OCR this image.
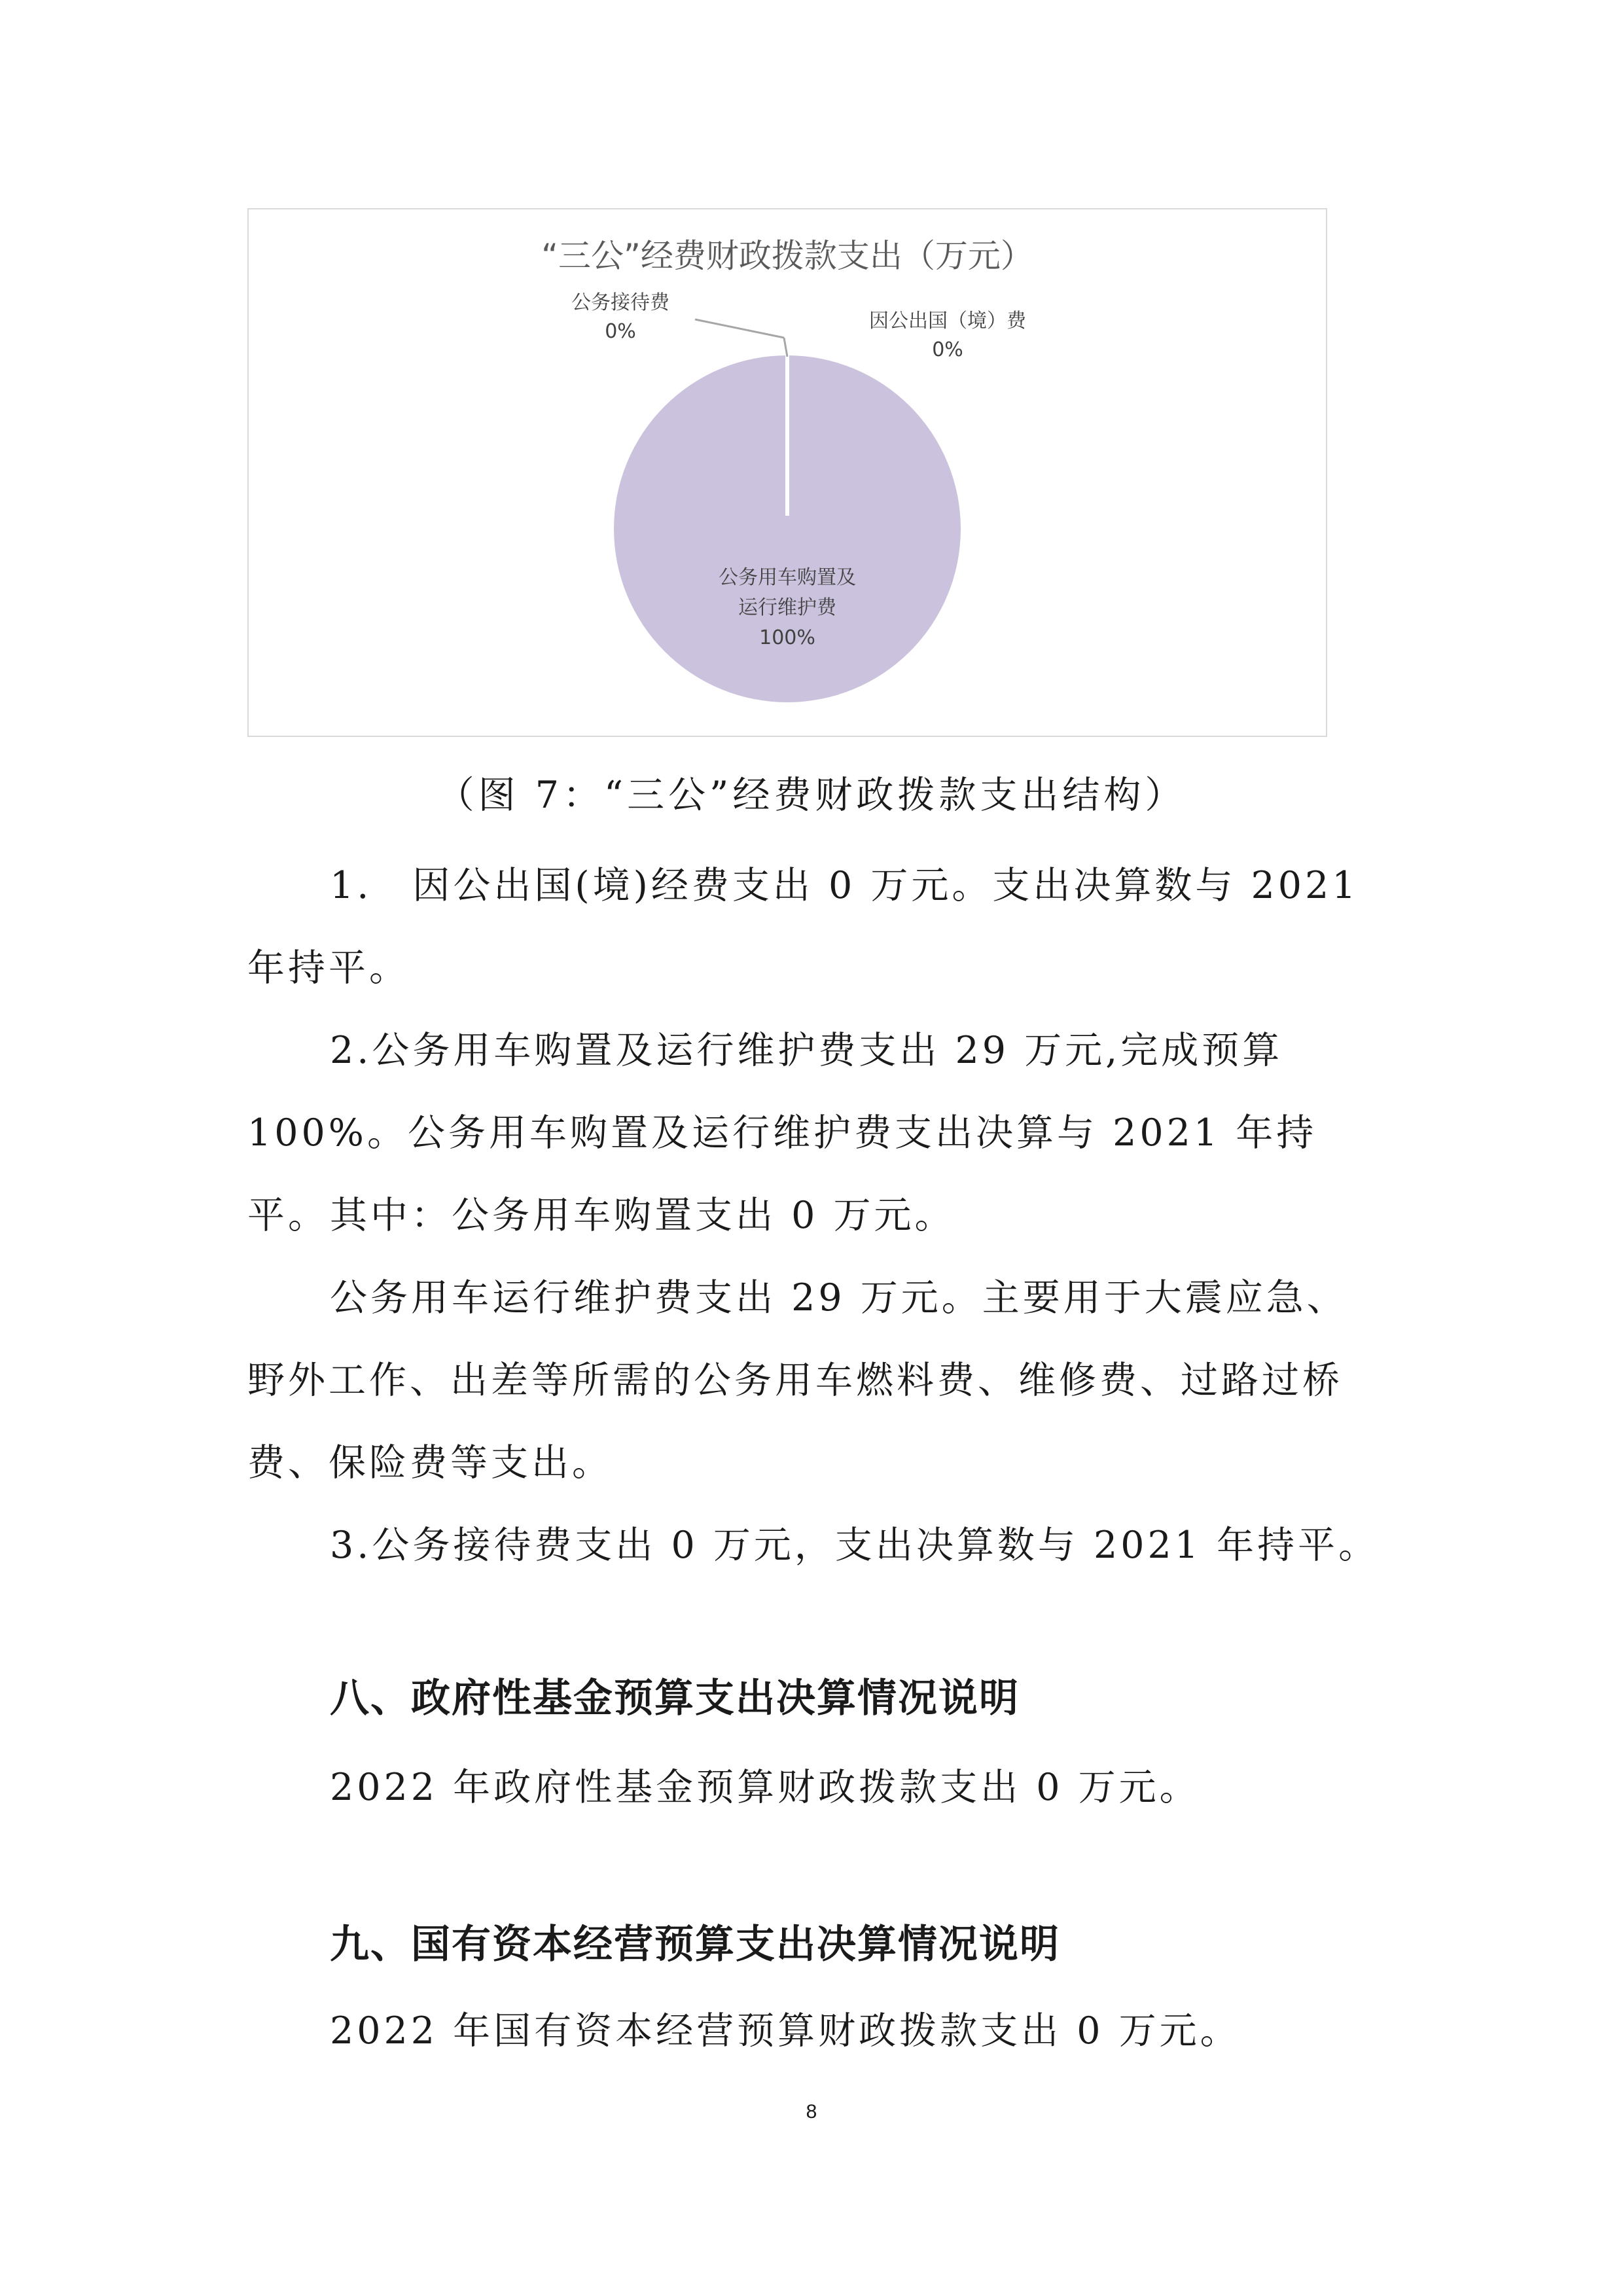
“三公”经费财政拨款支出（万元）
公务接待费
0%	因公出国（境）费
0%
公务用车购置及
运行维护费
100%
（图 7：“三公”经费财政拨款支出结构）

1.　因公出国(境)经费支出 0 万元。支出决算数与 2021 年持平。

2.公务用车购置及运行维护费支出 29 万元,完成预算 100%。公务用车购置及运行维护费支出决算与 2021 年持平。 其中：公务用车购置支出 0 万元。

公务用车运行维护费支出 29 万元。主要用于大震应急、野外工作、出差等所需的公务用车燃料费、维修费、过路过桥费、保险费等支出。

3.公务接待费支出 0 万元，支出决算数与 2021 年持平。

八、政府性基金预算支出决算情况说明

2022 年政府性基金预算财政拨款支出 0 万元。

九、国有资本经营预算支出决算情况说明

2022 年国有资本经营预算财政拨款支出 0 万元。

8
